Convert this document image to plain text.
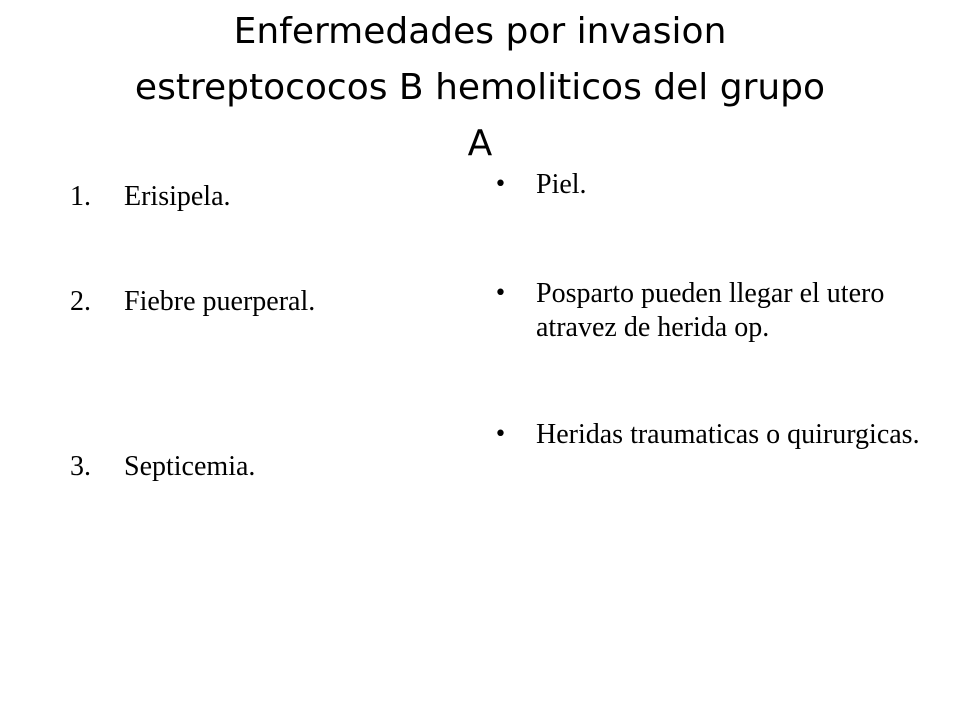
Enfermedades por invasion
estreptococos B hemoliticos del grupo
A
1. Erisipela.
2. Fiebre puerperal.
3. Septicemia.
• Piel.
• Posparto pueden llegar el utero atravez de herida op.
• Heridas traumaticas o quirurgicas.
